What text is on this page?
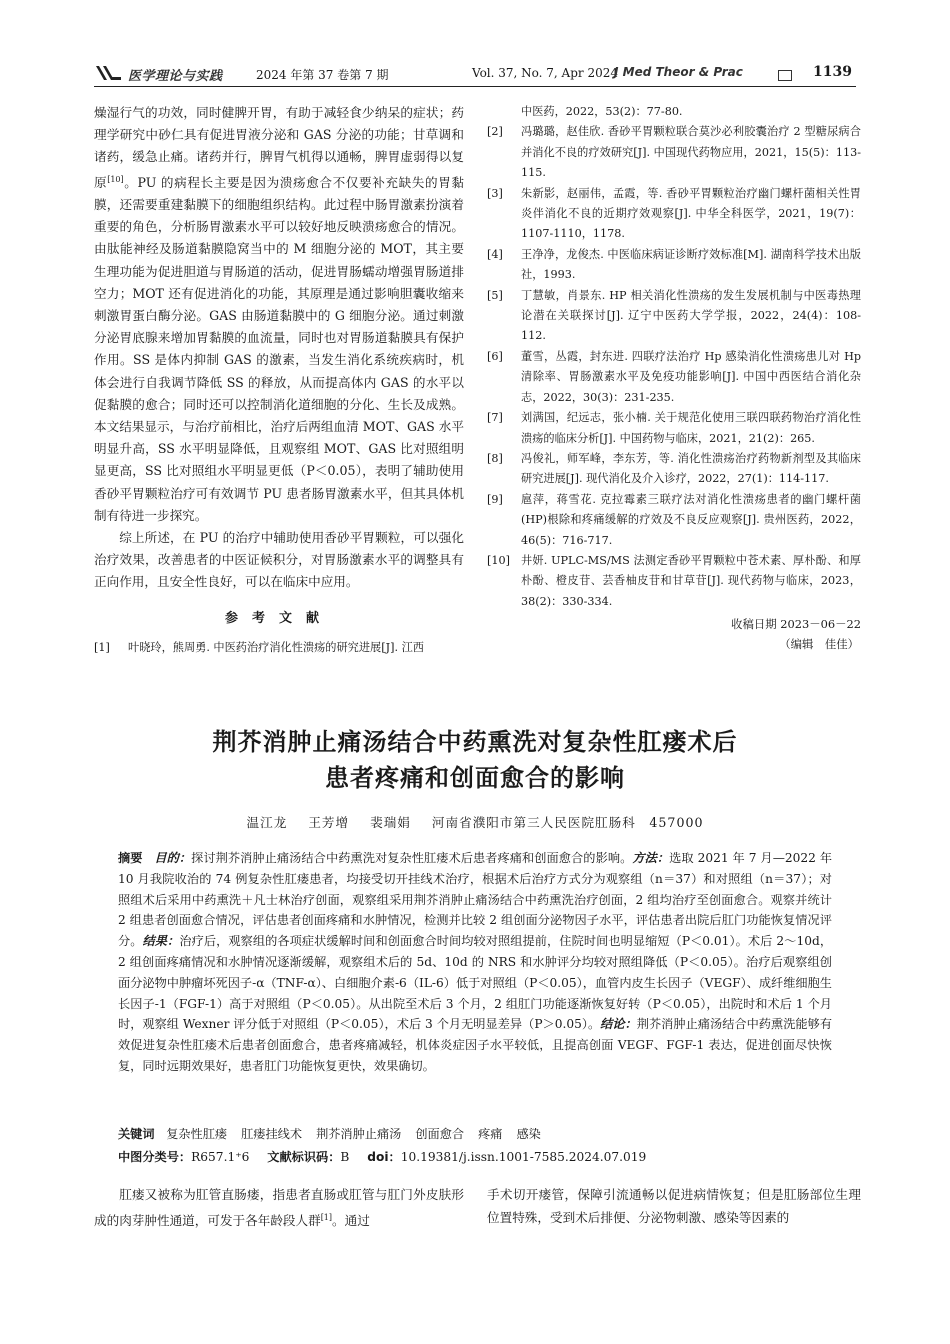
医学理论与实践	2024 年第 37 卷第 7 期	Vol. 37, No. 7, Apr 2024
J Med Theor & Prac	1139

燥湿行气的功效，同时健脾开胃，有助于减轻食少纳呆的症状；药理学研究中砂仁具有促进胃液分泌和 GAS 分泌的功能；甘草调和诸药，缓急止痛。诸药并行，脾胃气机得以通畅，脾胃虚弱得以复原[10]。PU 的病程长主要是因为溃疡愈合不仅要补充缺失的胃黏膜，还需要重建黏膜下的细胞组织结构。此过程中肠胃激素扮演着重要的角色，分析肠胃激素水平可以较好地反映溃疡愈合的情况。由肽能神经及肠道黏膜隐窝当中的 M 细胞分泌的 MOT，其主要生理功能为促进胆道与胃肠道的活动，促进胃肠蠕动增强胃肠道排空力；MOT 还有促进消化的功能，其原理是通过影响胆囊收缩来刺激胃蛋白酶分泌。GAS 由肠道黏膜中的 G 细胞分泌。通过刺激分泌胃底腺来增加胃黏膜的血流量，同时也对胃肠道黏膜具有保护作用。SS 是体内抑制 GAS 的激素，当发生消化系统疾病时，机体会进行自我调节降低 SS 的释放，从而提高体内 GAS 的水平以促黏膜的愈合；同时还可以控制消化道细胞的分化、生长及成熟。本文结果显示，与治疗前相比，治疗后两组血清 MOT、GAS 水平明显升高，SS 水平明显降低，且观察组 MOT、GAS 比对照组明显更高，SS 比对照组水平明显更低（P＜0.05），表明了辅助使用香砂平胃颗粒治疗可有效调节 PU 患者肠胃激素水平，但其具体机制有待进一步探究。

综上所述，在 PU 的治疗中辅助使用香砂平胃颗粒，可以强化治疗效果，改善患者的中医证候积分，对胃肠激素水平的调整具有正向作用，且安全性良好，可以在临床中应用。

参考文献
[1] 叶晓玲，熊周勇. 中医药治疗消化性溃疡的研究进展[J]. 江西
中医药，2022，53(2)：77-80.
[2] 冯璐璐，赵佳欣. 香砂平胃颗粒联合莫沙必利胶囊治疗 2 型糖尿病合并消化不良的疗效研究[J]. 中国现代药物应用，2021，15(5)：113-115.
[3] 朱新影，赵丽伟，孟霞，等. 香砂平胃颗粒治疗幽门螺杆菌相关性胃炎伴消化不良的近期疗效观察[J]. 中华全科医学，2021，19(7)：1107-1110，1178.
[4] 王净净，龙俊杰. 中医临床病证诊断疗效标准[M]. 湖南科学技术出版社，1993.
[5] 丁慧敏，肖景东. HP 相关消化性溃疡的发生发展机制与中医毒热理论潜在关联探讨[J]. 辽宁中医药大学学报，2022，24(4)：108-112.
[6] 董雪，丛霞，封东进. 四联疗法治疗 Hp 感染消化性溃疡患儿对 Hp 清除率、胃肠激素水平及免疫功能影响[J]. 中国中西医结合消化杂志，2022，30(3)：231-235.
[7] 刘满国，纪远志，张小楠. 关于规范化使用三联四联药物治疗消化性溃疡的临床分析[J]. 中国药物与临床，2021，21(2)：265.
[8] 冯俊礼，师军峰，李东芳，等. 消化性溃疡治疗药物新剂型及其临床研究进展[J]. 现代消化及介入诊疗，2022，27(1)：114-117.
[9] 扈萍，蒋雪花. 克拉霉素三联疗法对消化性溃疡患者的幽门螺杆菌(HP)根除和疼痛缓解的疗效及不良反应观察[J]. 贵州医药，2022，46(5)：716-717.
[10] 井妍. UPLC-MS/MS 法测定香砂平胃颗粒中苍术素、厚朴酚、和厚朴酚、橙皮苷、芸香柚皮苷和甘草苷[J]. 现代药物与临床，2023，38(2)：330-334.
收稿日期 2023－06－22
（编辑　佳佳）
荆芥消肿止痛汤结合中药熏洗对复杂性肛瘘术后
患者疼痛和创面愈合的影响
温江龙 王芳增 裴瑞娟 河南省濮阳市第三人民医院肛肠科　457000
摘要 目的：探讨荆芥消肿止痛汤结合中药熏洗对复杂性肛瘘术后患者疼痛和创面愈合的影响。方法：选取 2021 年 7 月—2022 年 10 月我院收治的 74 例复杂性肛瘘患者，均接受切开挂线术治疗，根据术后治疗方式分为观察组（n＝37）和对照组（n＝37）；对照组术后采用中药熏洗＋凡士林治疗创面，观察组采用荆芥消肿止痛汤结合中药熏洗治疗创面，2 组均治疗至创面愈合。观察并统计 2 组患者创面愈合情况，评估患者创面疼痛和水肿情况，检测并比较 2 组创面分泌物因子水平，评估患者出院后肛门功能恢复情况评分。结果：治疗后，观察组的各项症状缓解时间和创面愈合时间均较对照组提前，住院时间也明显缩短（P＜0.01）。术后 2～10d，2 组创面疼痛情况和水肿情况逐渐缓解，观察组术后的 5d、10d 的 NRS 和水肿评分均较对照组降低（P＜0.05）。治疗后观察组创面分泌物中肿瘤坏死因子-α（TNF-α）、白细胞介素-6（IL-6）低于对照组（P＜0.05），血管内皮生长因子（VEGF）、成纤维细胞生长因子-1（FGF-1）高于对照组（P＜0.05）。从出院至术后 3 个月，2 组肛门功能逐渐恢复好转（P＜0.05），出院时和术后 1 个月时，观察组 Wexner 评分低于对照组（P＜0.05），术后 3 个月无明显差异（P＞0.05）。结论：荆芥消肿止痛汤结合中药熏洗能够有效促进复杂性肛瘘术后患者创面愈合，患者疼痛减轻，机体炎症因子水平较低，且提高创面 VEGF、FGF-1 表达，促进创面尽快恢复，同时远期效果好，患者肛门功能恢复更快，效果确切。
关键词 复杂性肛瘘 肛瘘挂线术 荆芥消肿止痛汤 创面愈合 疼痛 感染
中图分类号：R657.1⁺6 文献标识码：B doi：10.19381/j.issn.1001-7585.2024.07.019

肛瘘又被称为肛管直肠瘘，指患者直肠或肛管与肛门外皮肤形成的肉芽肿性通道，可发于各年龄段人群[1]。通过

手术切开瘘管，保障引流通畅以促进病情恢复；但是肛肠部位生理位置特殊，受到术后排便、分泌物刺激、感染等因素的
